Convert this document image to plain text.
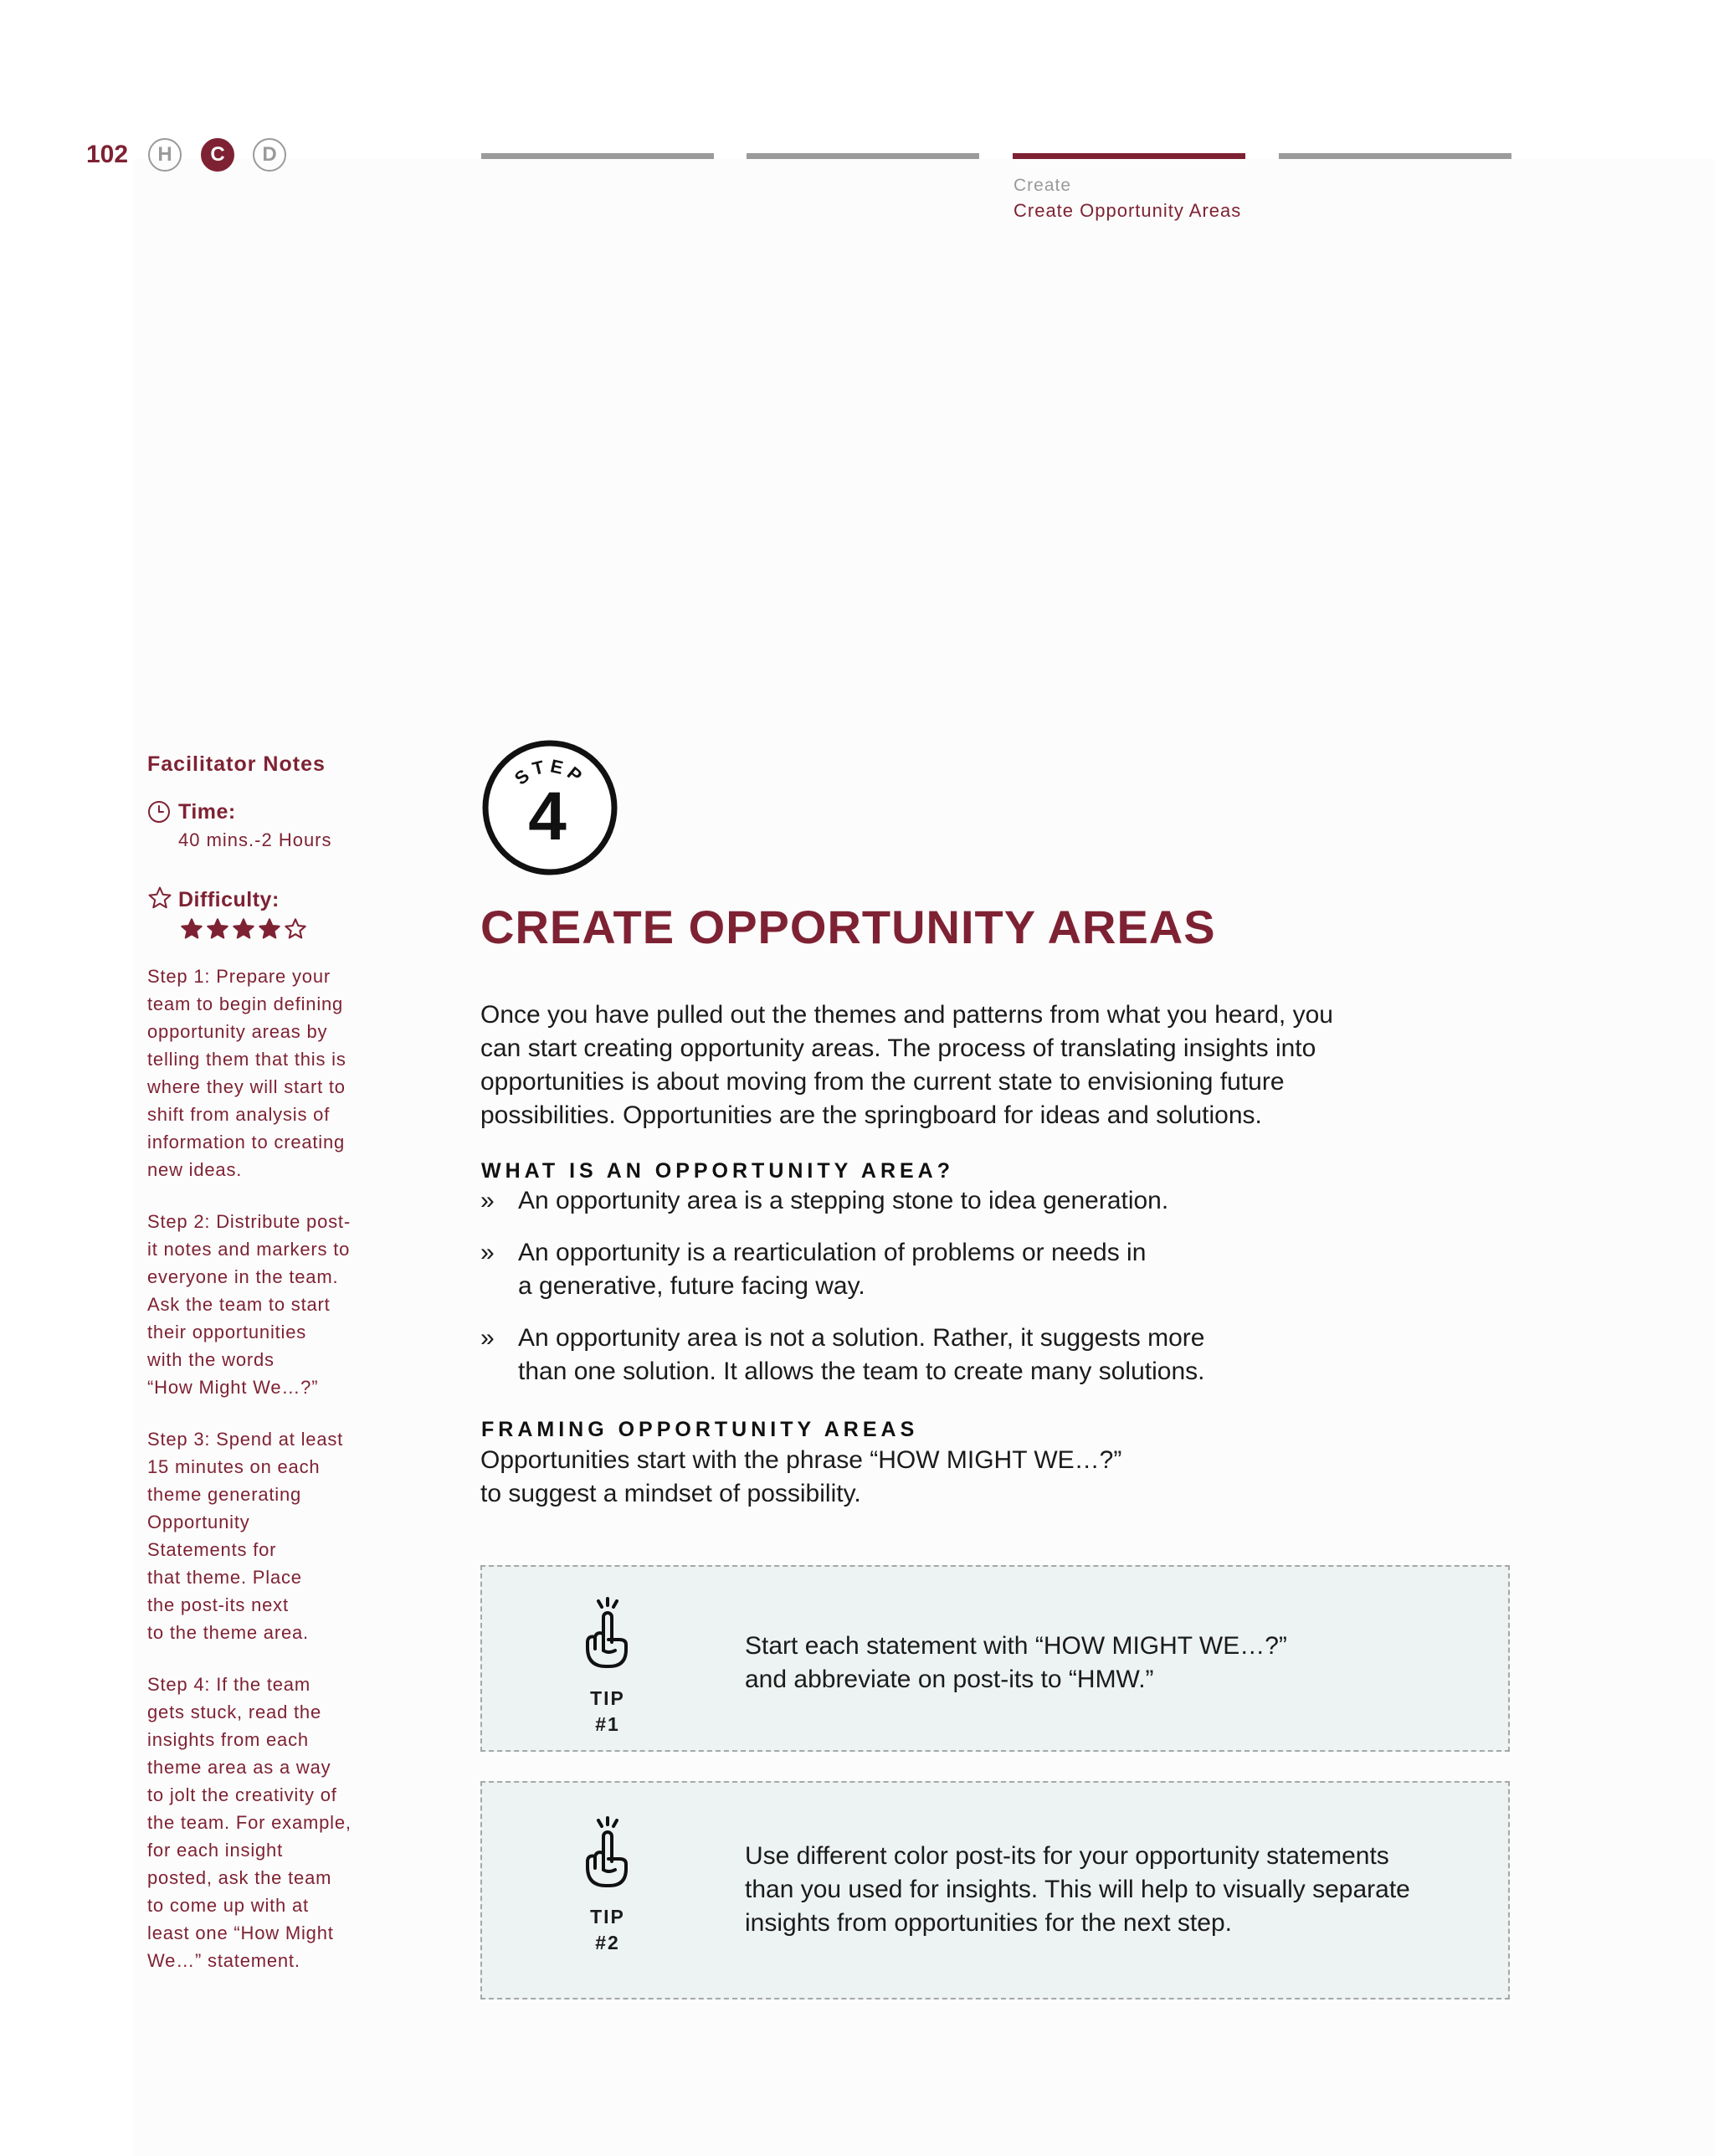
102	H	C	D
Create
Create Opportunity Areas
Facilitator Notes
Time:
40 mins.-2 Hours
Difficulty:

Step 1: Prepare your
team to begin defining
opportunity areas by
telling them that this is
where they will start to
shift from analysis of
information to creating
new ideas.

Step 2: Distribute post-
it notes and markers to
everyone in the team.
Ask the team to start
their opportunities
with the words
“How Might We…?”

Step 3: Spend at least
15 minutes on each
theme generating
Opportunity
Statements for
that theme. Place
the post-its next
to the theme area.

Step 4: If the team
gets stuck, read the
insights from each
theme area as a way
to jolt the creativity of
the team. For example,
for each insight
posted, ask the team
to come up with at
least one “How Might
We…” statement.

STEP
4
CREATE OPPORTUNITY AREAS

Once you have pulled out the themes and patterns from what you heard, you
can start creating opportunity areas. The process of translating insights into
opportunities is about moving from the current state to envisioning future
possibilities. Opportunities are the springboard for ideas and solutions.

WHAT IS AN OPPORTUNITY AREA?
» An opportunity area is a stepping stone to idea generation.
» An opportunity is a rearticulation of problems or needs in
a generative, future facing way.
» An opportunity area is not a solution. Rather, it suggests more
than one solution. It allows the team to create many solutions.
FRAMING OPPORTUNITY AREAS

Opportunities start with the phrase “HOW MIGHT WE…?”
to suggest a mindset of possibility.

TIP
#1

Start each statement with “HOW MIGHT WE…?”
and abbreviate on post-its to “HMW.”

TIP
#2

Use different color post-its for your opportunity statements
than you used for insights. This will help to visually separate
insights from opportunities for the next step.
